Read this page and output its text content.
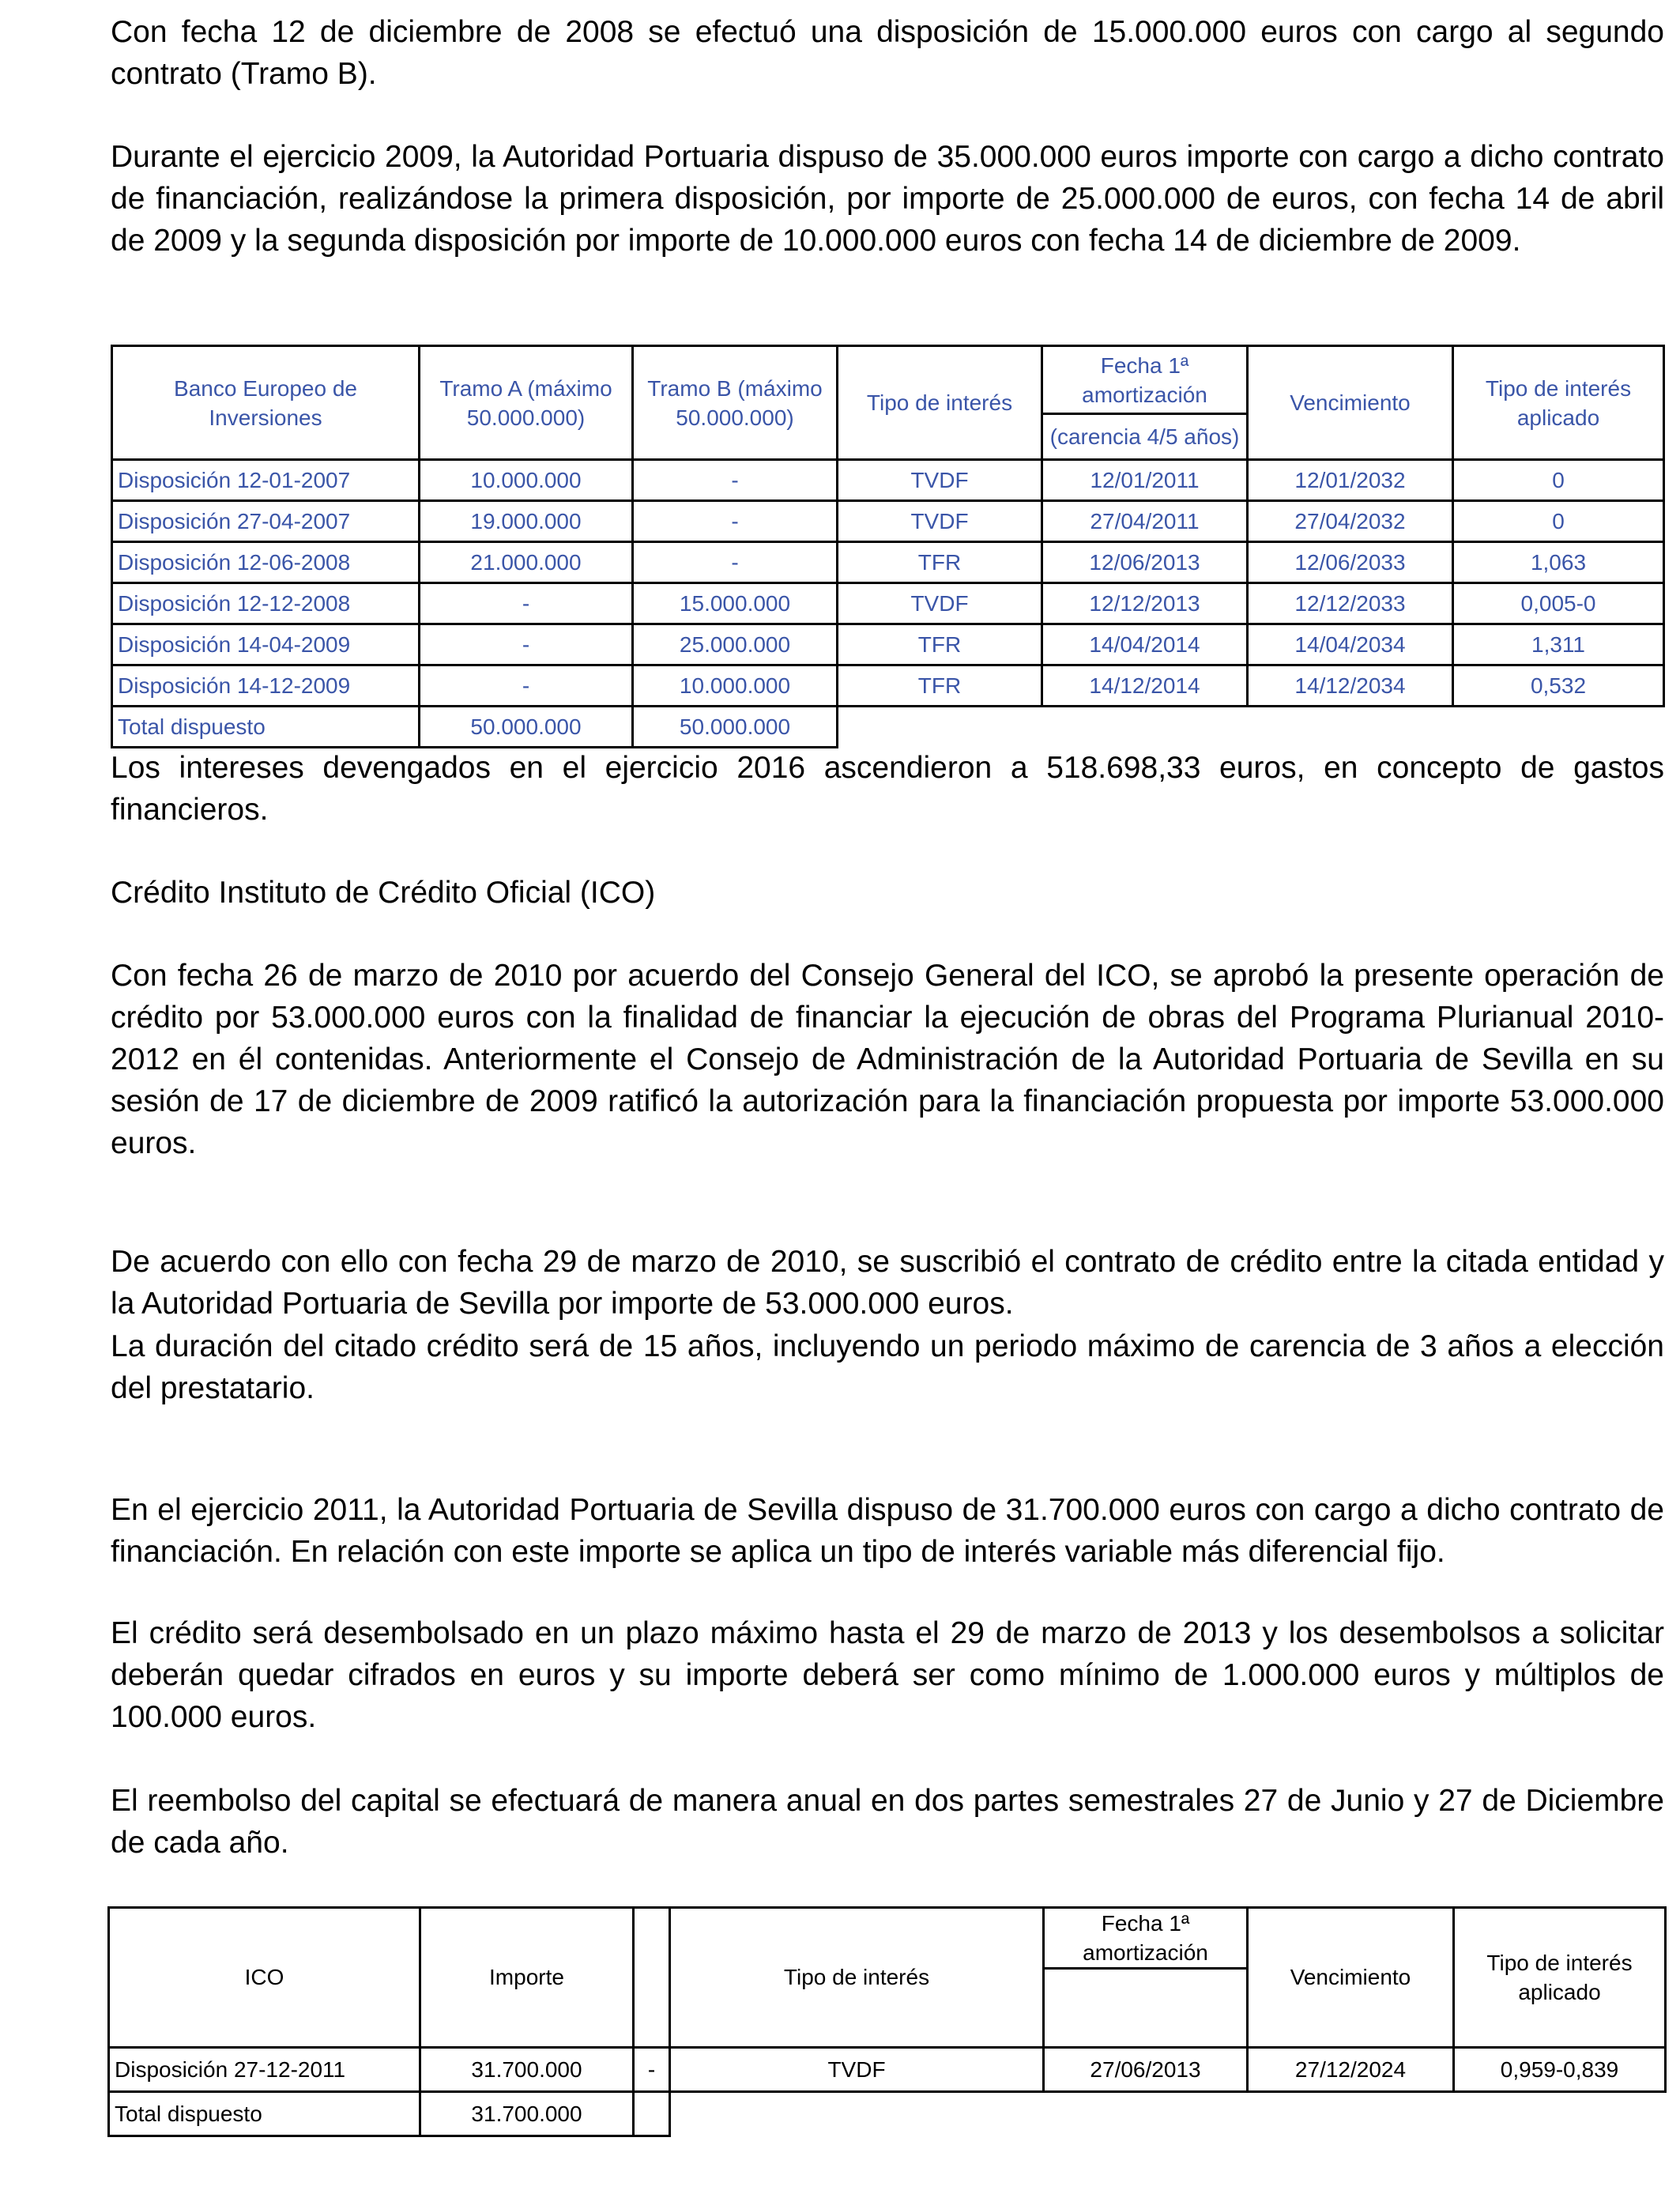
Con fecha 12 de diciembre de 2008 se efectuó una disposición de 15.000.000 euros con cargo al segundo contrato (Tramo B).

Durante el ejercicio 2009, la Autoridad Portuaria dispuso de 35.000.000 euros importe con cargo a dicho contrato de financiación, realizándose la primera disposición, por importe de 25.000.000 de euros, con fecha 14 de abril de 2009 y la segunda disposición por importe de 10.000.000 euros con fecha 14 de diciembre de 2009.

Banco Europeo de Inversiones	Tramo A (máximo 50.000.000)	Tramo B (máximo 50.000.000)	Tipo de interés	Fecha 1ª amortización	Vencimiento	Tipo de interés aplicado
				(carencia 4/5 años)		
Disposición 12-01-2007	10.000.000	-	TVDF	12/01/2011	12/01/2032	0
Disposición 27-04-2007	19.000.000	-	TVDF	27/04/2011	27/04/2032	0
Disposición 12-06-2008	21.000.000	-	TFR	12/06/2013	12/06/2033	1,063
Disposición 12-12-2008	-	15.000.000	TVDF	12/12/2013	12/12/2033	0,005-0
Disposición 14-04-2009	-	25.000.000	TFR	14/04/2014	14/04/2034	1,311
Disposición 14-12-2009	-	10.000.000	TFR	14/12/2014	14/12/2034	0,532
Total dispuesto	50.000.000	50.000.000				

Los intereses devengados en el ejercicio 2016 ascendieron a 518.698,33 euros, en concepto de gastos financieros.

Crédito Instituto de Crédito Oficial (ICO)

Con fecha 26 de marzo de 2010 por acuerdo del Consejo General del ICO, se aprobó la presente operación de crédito por 53.000.000 euros con la finalidad de financiar la ejecución de obras del Programa Plurianual 2010-2012 en él contenidas. Anteriormente el Consejo de Administración de la Autoridad Portuaria de Sevilla en su sesión de 17 de diciembre de 2009 ratificó la autorización para la financiación propuesta por importe 53.000.000 euros.

De acuerdo con ello con fecha 29 de marzo de 2010, se suscribió el contrato de crédito entre la citada entidad y la Autoridad Portuaria de Sevilla por importe de 53.000.000 euros.

La duración del citado crédito será de 15 años, incluyendo un periodo máximo de carencia de 3 años a elección del prestatario.

En el ejercicio 2011, la Autoridad Portuaria de Sevilla dispuso de 31.700.000 euros con cargo a dicho contrato de financiación. En relación con este importe se aplica un tipo de interés variable más diferencial fijo.

El crédito será desembolsado en un plazo máximo hasta el 29 de marzo de 2013 y los desembolsos a solicitar deberán quedar cifrados en euros y su importe deberá ser como mínimo de 1.000.000 euros y múltiplos de 100.000 euros.

El reembolso del capital se efectuará de manera anual en dos partes semestrales 27 de Junio y 27 de Diciembre de cada año.

ICO	Importe		Tipo de interés	Fecha 1ª amortización	Vencimiento	Tipo de interés aplicado

Disposición 27-12-2011	31.700.000	-	TVDF	27/06/2013	27/12/2024	0,959-0,839
Total dispuesto	31.700.000					
